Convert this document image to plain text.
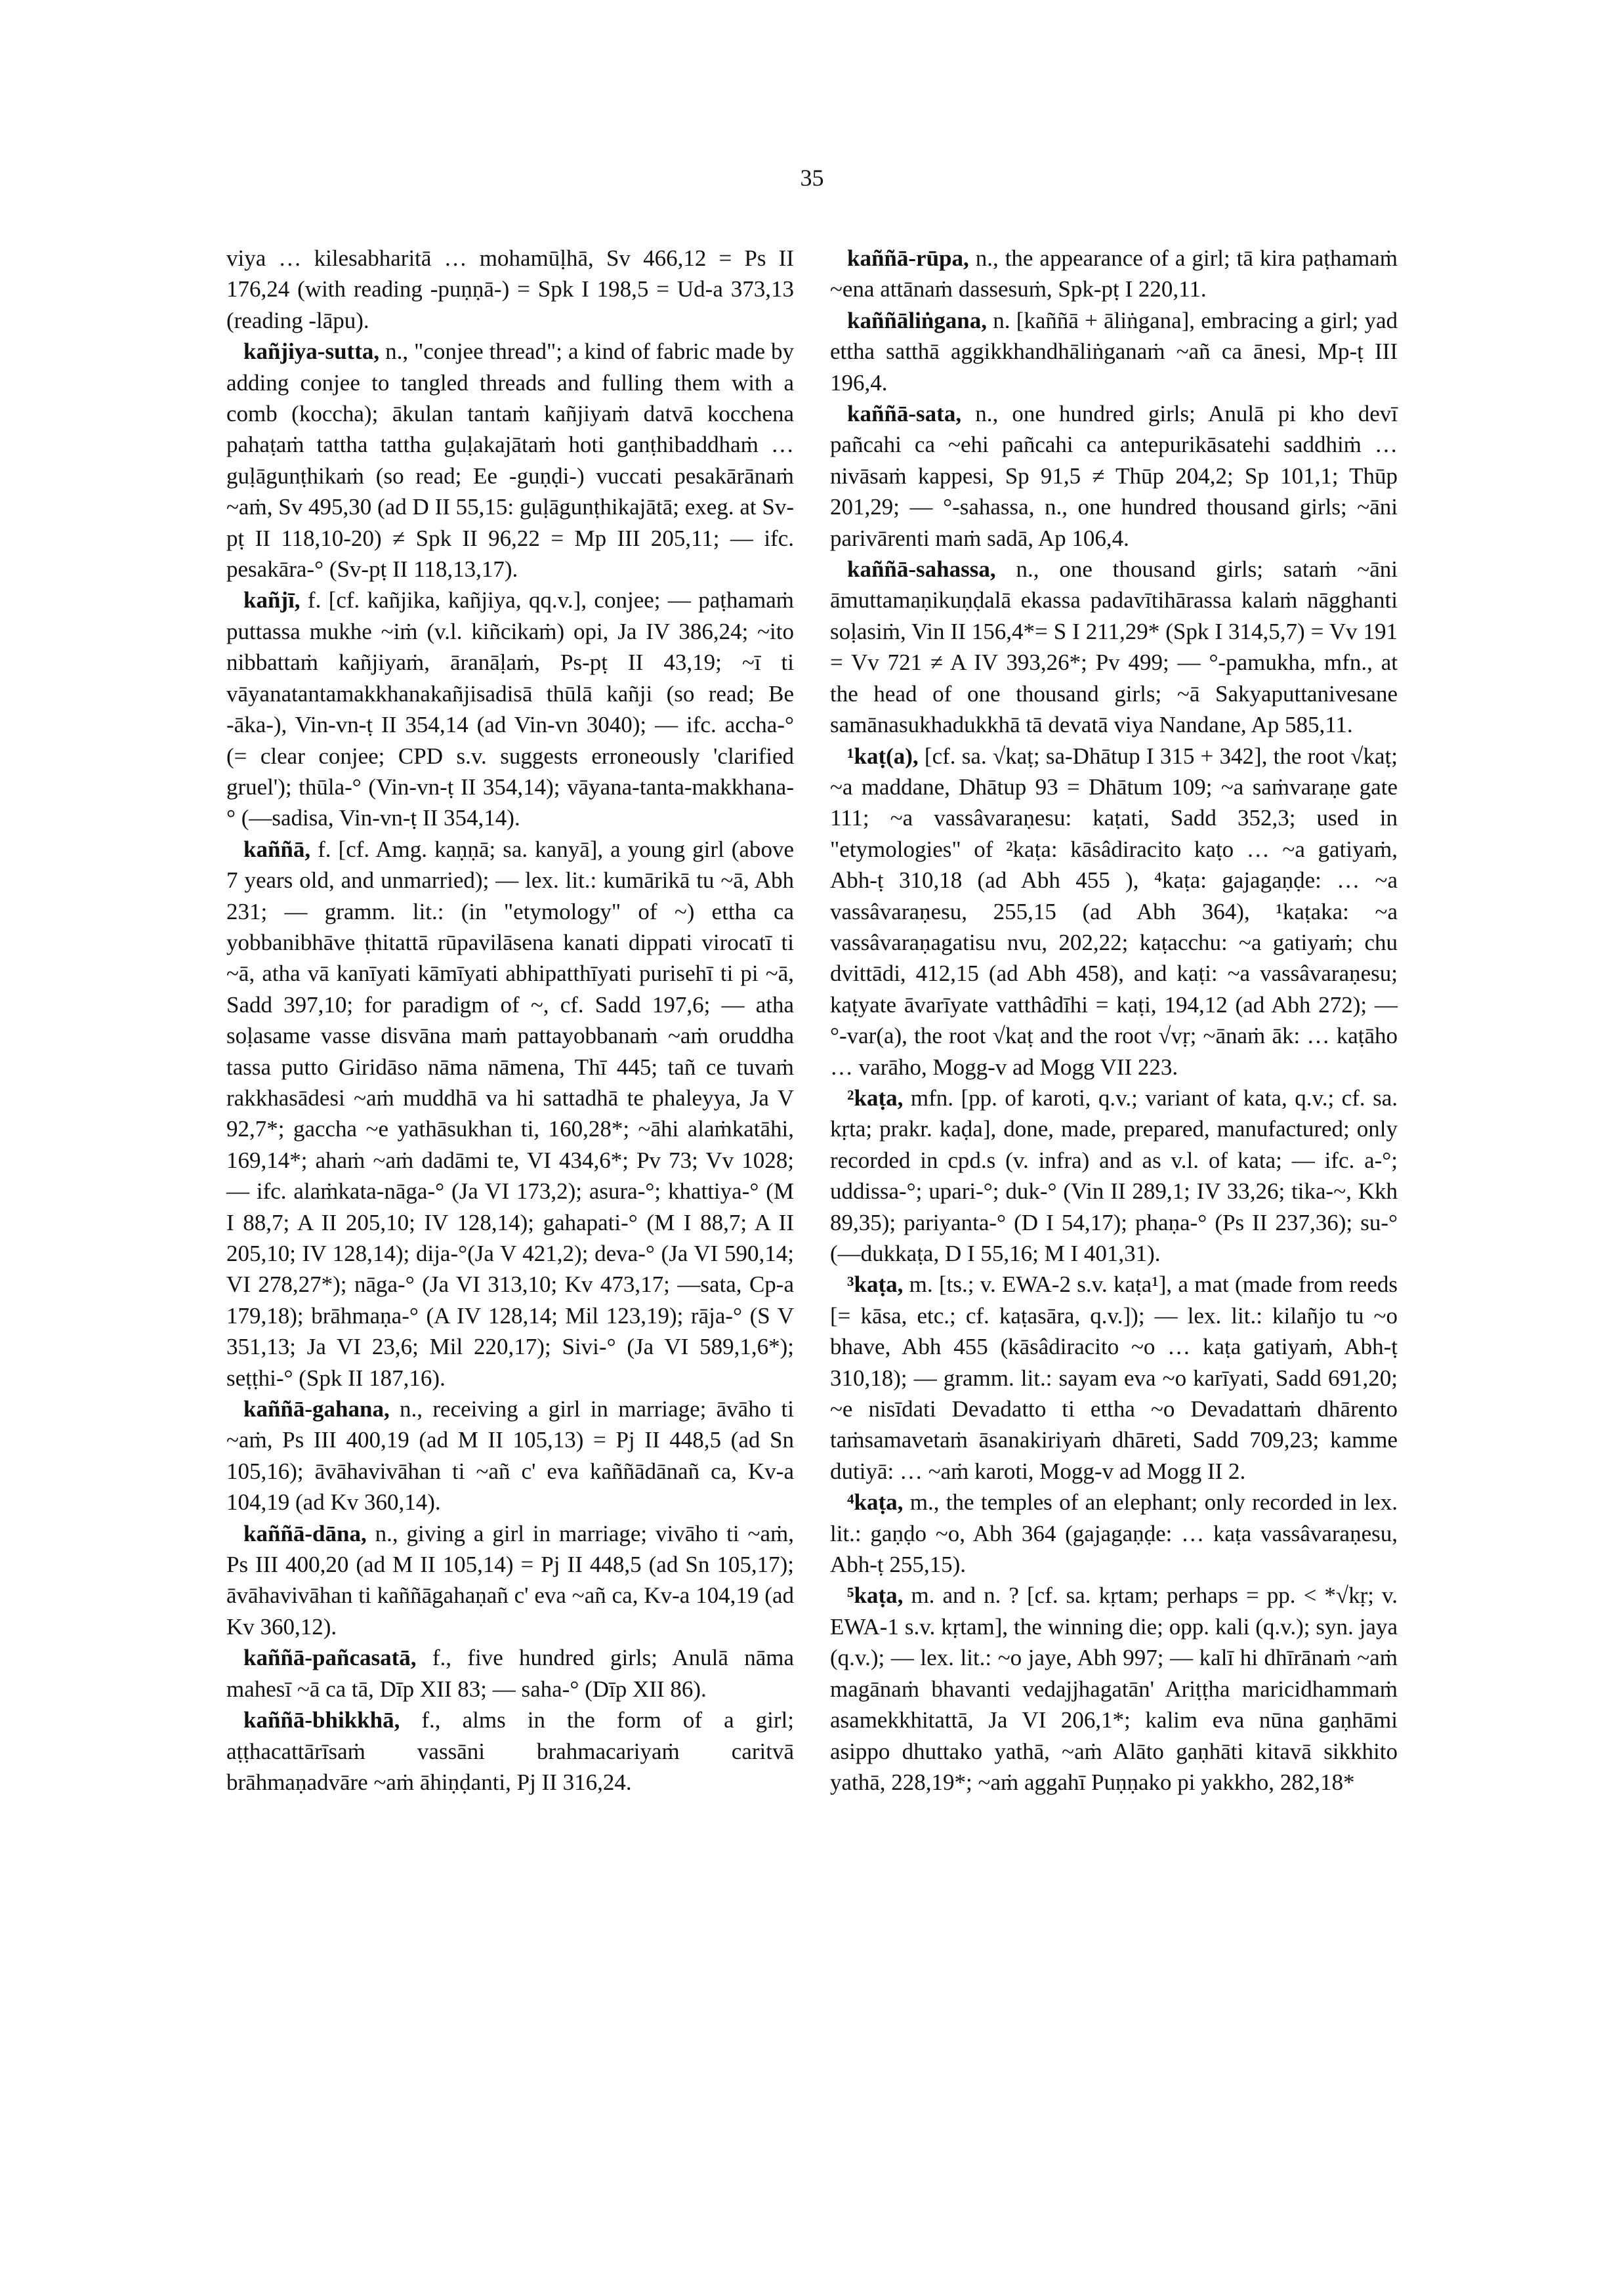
35

viya … kilesabharitā … mohamūḷhā, Sv 466,12 = Ps II 176,24 (with reading -puṇṇā-) = Spk I 198,5 = Ud-a 373,13 (reading -lāpu).

kañjiya-sutta, n., "conjee thread"; a kind of fabric made by adding conjee to tangled threads and fulling them with a comb (koccha); ākulan tantaṁ kañjiyaṁ datvā kocchena pahaṭaṁ tattha tattha guḷakajātaṁ hoti ganṭhibaddhaṁ … guḷāgunṭhikaṁ (so read; Ee -guṇḍi-) vuccati pesakārānaṁ ~aṁ, Sv 495,30 (ad D II 55,15: guḷāgunṭhikajātā; exeg. at Sv-pṭ II 118,10-20) ≠ Spk II 96,22 = Mp III 205,11; — ifc. pesakāra-° (Sv-pṭ II 118,13,17).

kañjī, f. [cf. kañjika, kañjiya, qq.v.], conjee; — paṭhamaṁ puttassa mukhe ~iṁ (v.l. kiñcikaṁ) opi, Ja IV 386,24; ~ito nibbattaṁ kañjiyaṁ, āranāḷaṁ, Ps-pṭ II 43,19; ~ī ti vāyanatantamakkhanakañjisadisā thūlā kañji (so read; Be -āka-), Vin-vn-ṭ II 354,14 (ad Vin-vn 3040); — ifc. accha-° (= clear conjee; CPD s.v. suggests erroneously 'clarified gruel'); thūla-° (Vin-vn-ṭ II 354,14); vāyana-tanta-makkhana-° (—sadisa, Vin-vn-ṭ II 354,14).

kaññā, f. [cf. Amg. kaṇṇā; sa. kanyā], a young girl (above 7 years old, and unmarried); — lex. lit.: kumārikā tu ~ā, Abh 231; — gramm. lit.: (in "etymology" of ~) ettha ca yobbanibhāve ṭhitattā rūpavilāsena kanati dippati virocatī ti ~ā, atha vā kanīyati kāmīyati abhipatthīyati purisehī ti pi ~ā, Sadd 397,10; for paradigm of ~, cf. Sadd 197,6; — atha soḷasame vasse disvāna maṁ pattayobbanaṁ ~aṁ oruddha tassa putto Giridāso nāma nāmena, Thī 445; tañ ce tuvaṁ rakkhasādesi ~aṁ muddhā va hi sattadhā te phaleyya, Ja V 92,7*; gaccha ~e yathāsukhan ti, 160,28*; ~āhi alaṁkatāhi, 169,14*; ahaṁ ~aṁ dadāmi te, VI 434,6*; Pv 73; Vv 1028; — ifc. alaṁkata-nāga-° (Ja VI 173,2); asura-°; khattiya-° (M I 88,7; A II 205,10; IV 128,14); gahapati-° (M I 88,7; A II 205,10; IV 128,14); dija-°(Ja V 421,2); deva-° (Ja VI 590,14; VI 278,27*); nāga-° (Ja VI 313,10; Kv 473,17; —sata, Cp-a 179,18); brāhmaṇa-° (A IV 128,14; Mil 123,19); rāja-° (S V 351,13; Ja VI 23,6; Mil 220,17); Sivi-° (Ja VI 589,1,6*); seṭṭhi-° (Spk II 187,16).

kaññā-gahana, n., receiving a girl in marriage; āvāho ti ~aṁ, Ps III 400,19 (ad M II 105,13) = Pj II 448,5 (ad Sn 105,16); āvāhavivāhan ti ~añ c' eva kaññādānañ ca, Kv-a 104,19 (ad Kv 360,14).

kaññā-dāna, n., giving a girl in marriage; vivāho ti ~aṁ, Ps III 400,20 (ad M II 105,14) = Pj II 448,5 (ad Sn 105,17); āvāhavivāhan ti kaññāgahaṇañ c' eva ~añ ca, Kv-a 104,19 (ad Kv 360,12).

kaññā-pañcasatā, f., five hundred girls; Anulā nāma mahesī ~ā ca tā, Dīp XII 83; — saha-° (Dīp XII 86).

kaññā-bhikkhā, f., alms in the form of a girl; aṭṭhacattārīsaṁ vassāni brahmacariyaṁ caritvā brāhmaṇadvāre ~aṁ āhiṇḍanti, Pj II 316,24.

kaññā-rūpa, n., the appearance of a girl; tā kira paṭhamaṁ ~ena attānaṁ dassesuṁ, Spk-pṭ I 220,11.

kaññāliṅgana, n. [kaññā + āliṅgana], embracing a girl; yad ettha satthā aggikkhandhāliṅganaṁ ~añ ca ānesi, Mp-ṭ III 196,4.

kaññā-sata, n., one hundred girls; Anulā pi kho devī pañcahi ca ~ehi pañcahi ca antepurikāsatehi saddhiṁ … nivāsaṁ kappesi, Sp 91,5 ≠ Thūp 204,2; Sp 101,1; Thūp 201,29; — °-sahassa, n., one hundred thousand girls; ~āni parivārenti maṁ sadā, Ap 106,4.

kaññā-sahassa, n., one thousand girls; sataṁ ~āni āmuttamaṇikuṇḍalā ekassa padavītihārassa kalaṁ nāgghanti soḷasiṁ, Vin II 156,4*= S I 211,29* (Spk I 314,5,7) = Vv 191 = Vv 721 ≠ A IV 393,26*; Pv 499; — °-pamukha, mfn., at the head of one thousand girls; ~ā Sakyaputtanivesane samānasukhadukkhā tā devatā viya Nandane, Ap 585,11.

¹kaṭ(a), [cf. sa. √kaṭ; sa-Dhātup I 315 + 342], the root √kaṭ; ~a maddane, Dhātup 93 = Dhātum 109; ~a saṁvaraṇe gate 111; ~a vassâvaraṇesu: kaṭati, Sadd 352,3; used in "etymologies" of ²kaṭa: kāsâdiracito kaṭo … ~a gatiyaṁ, Abh-ṭ 310,18 (ad Abh 455 ), ⁴kaṭa: gajagaṇḍe: … ~a vassâvaraṇesu, 255,15 (ad Abh 364), ¹kaṭaka: ~a vassâvaraṇagatisu nvu, 202,22; kaṭacchu: ~a gatiyaṁ; chu dvittādi, 412,15 (ad Abh 458), and kaṭi: ~a vassâvaraṇesu; kaṭyate āvarīyate vatthâdīhi = kaṭi, 194,12 (ad Abh 272); — °-var(a), the root √kaṭ and the root √vṛ; ~ānaṁ āk: … kaṭāho … varāho, Mogg-v ad Mogg VII 223.

²kaṭa, mfn. [pp. of karoti, q.v.; variant of kata, q.v.; cf. sa. kṛta; prakr. kaḍa], done, made, prepared, manufactured; only recorded in cpd.s (v. infra) and as v.l. of kata; — ifc. a-°; uddissa-°; upari-°; duk-° (Vin II 289,1; IV 33,26; tika-~, Kkh 89,35); pariyanta-° (D I 54,17); phaṇa-° (Ps II 237,36); su-° (—dukkaṭa, D I 55,16; M I 401,31).

³kaṭa, m. [ts.; v. EWA-2 s.v. kaṭa¹], a mat (made from reeds [= kāsa, etc.; cf. kaṭasāra, q.v.]); — lex. lit.: kilañjo tu ~o bhave, Abh 455 (kāsâdiracito ~o … kaṭa gatiyaṁ, Abh-ṭ 310,18); — gramm. lit.: sayam eva ~o karīyati, Sadd 691,20; ~e nisīdati Devadatto ti ettha ~o Devadattaṁ dhārento taṁsamavetaṁ āsanakiriyaṁ dhāreti, Sadd 709,23; kamme dutiyā: … ~aṁ karoti, Mogg-v ad Mogg II 2.

⁴kaṭa, m., the temples of an elephant; only recorded in lex. lit.: gaṇḍo ~o, Abh 364 (gajagaṇḍe: … kaṭa vassâvaraṇesu, Abh-ṭ 255,15).

⁵kaṭa, m. and n. ? [cf. sa. kṛtam; perhaps = pp. < *√kṛ; v. EWA-1 s.v. kṛtam], the winning die; opp. kali (q.v.); syn. jaya (q.v.); — lex. lit.: ~o jaye, Abh 997; — kalī hi dhīrānaṁ ~aṁ magānaṁ bhavanti vedajjhagatān' Ariṭṭha maricidhammaṁ asamekkhitattā, Ja VI 206,1*; kalim eva nūna gaṇhāmi asippo dhuttako yathā, ~aṁ Alāto gaṇhāti kitavā sikkhito yathā, 228,19*; ~aṁ aggahī Puṇṇako pi yakkho, 282,18*
